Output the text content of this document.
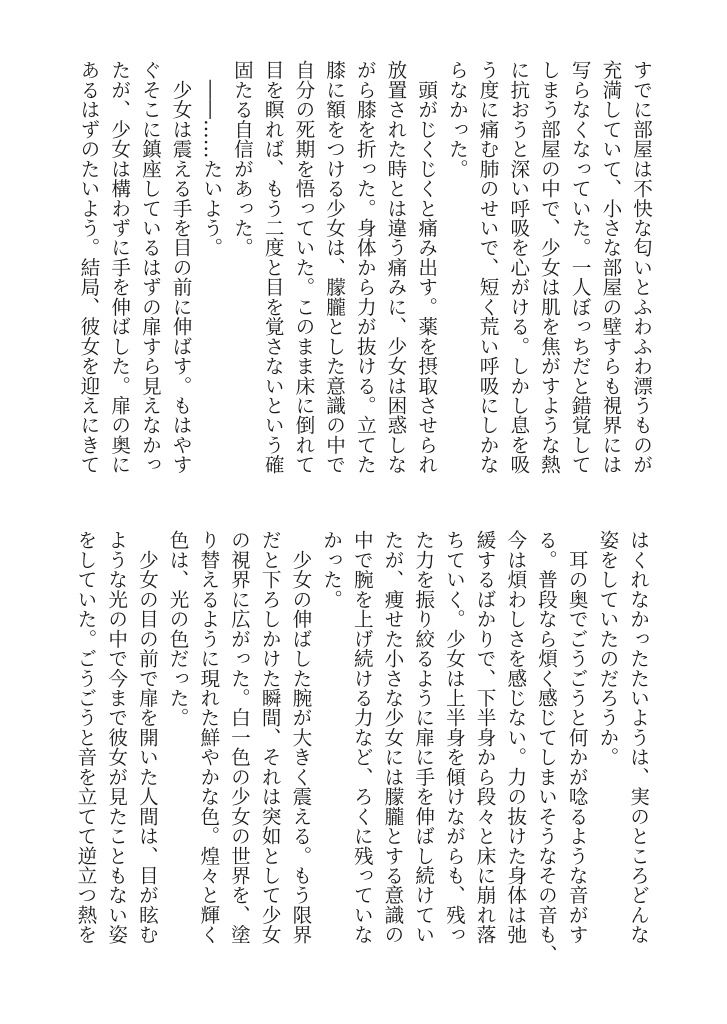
すでに部屋は不快な匂いとふわふわ漂うものが
充満していて、小さな部屋の壁すらも視界には
写らなくなっていた。一人ぼっちだと錯覚して
しまう部屋の中で、少女は肌を焦がすような熱
に抗おうと深い呼吸を心がける。しかし息を吸
う度に痛む肺のせいで、短く荒い呼吸にしかな
らなかった。
　頭がじくじくと痛み出す。薬を摂取させられ
放置された時とは違う痛みに、少女は困惑しな
がら膝を折った。身体から力が抜ける。立てた
膝に額をつける少女は、朦朧とした意識の中で
自分の死期を悟っていた。このまま床に倒れて
目を瞑れば、もう二度と目を覚さないという確
固たる自信があった。
　――……たいよう。
　少女は震える手を目の前に伸ばす。もはやす
ぐそこに鎮座しているはずの扉すら見えなかっ
たが、少女は構わずに手を伸ばした。扉の奥に
あるはずのたいよう。結局、彼女を迎えにきて
はくれなかったたいようは、実のところどんな
姿をしていたのだろうか。
　耳の奥でごうごうと何かが唸るような音がす
る。普段なら煩く感じてしまいそうなその音も、
今は煩わしさを感じない。力の抜けた身体は弛
緩するばかりで、下半身から段々と床に崩れ落
ちていく。少女は上半身を傾けながらも、残っ
た力を振り絞るように扉に手を伸ばし続けてい
たが、痩せた小さな少女には朦朧とする意識の
中で腕を上げ続ける力など、ろくに残っていな
かった。
　少女の伸ばした腕が大きく震える。もう限界
だと下ろしかけた瞬間、それは突如として少女
の視界に広がった。白一色の少女の世界を、塗
り替えるように現れた鮮やかな色。煌々と輝く
色は、光の色だった。
　少女の目の前で扉を開いた人間は、目が眩む
ような光の中で今まで彼女が見たこともない姿
をしていた。ごうごうと音を立てて逆立つ熱を
